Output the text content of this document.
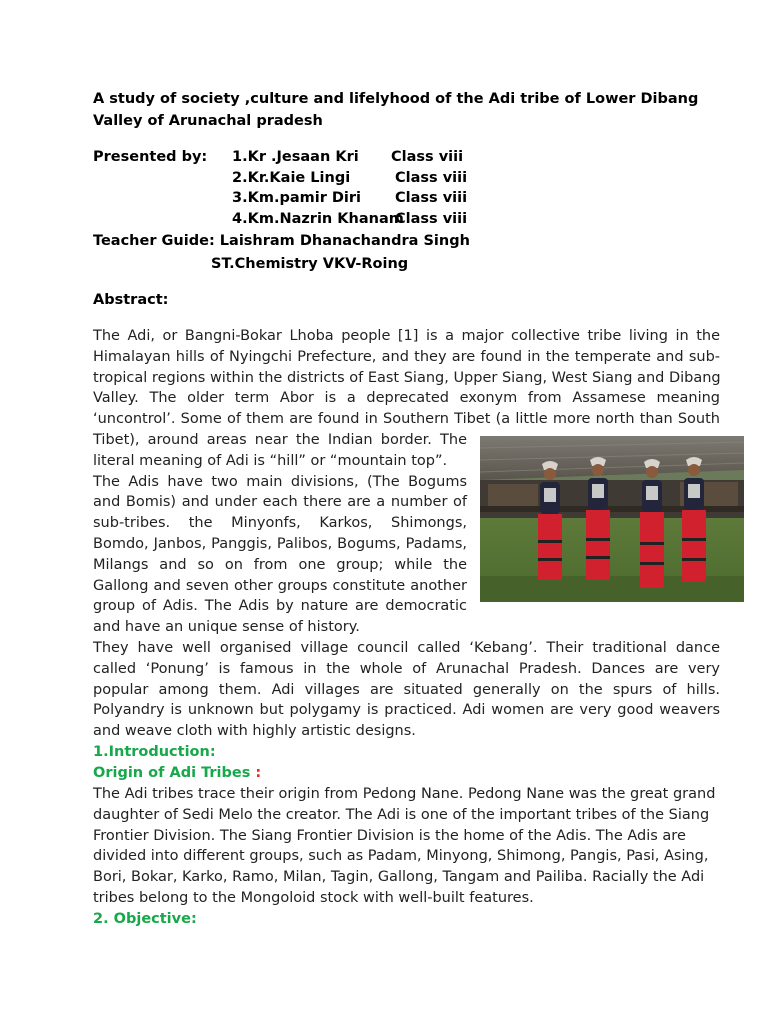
A study of society ,culture and lifelyhood of the Adi tribe of Lower Dibang Valley of Arunachal pradesh
Presented by: 1.Kr .Jesaan Kri
2.Kr.Kaie Lingi
3.Km.pamir Diri
4.Km.Nazrin Khanam
Class viii
Class viii
Class viii
Class viii
Teacher Guide: Laishram Dhanachandra Singh
ST.Chemistry VKV-Roing
Abstract:
The Adi, or Bangni-Bokar Lhoba people [1] is a major collective tribe living in the
Himalayan hills of Nyingchi Prefecture, and they are found in the temperate and sub-
tropical regions within the districts of East Siang, Upper Siang, West Siang and Dibang
Valley. The older term Abor is a deprecated exonym from Assamese meaning
‘uncontrol’. Some of them are found in Southern Tibet (a little more north than South
Tibet), around areas near the Indian border. The
literal meaning of Adi is “hill” or “mountain top”.
The Adis have two main divisions, (The Bogums
and Bomis) and under each there are a number of
sub-tribes. the Minyonfs, Karkos, Shimongs,
Bomdo, Janbos, Panggis, Palibos, Bogums, Padams,
Milangs and so on from one group; while the
Gallong and seven other groups constitute another
group of Adis. The Adis by nature are democratic
and have an unique sense of history.
They have well organised village council called ‘Kebang’. Their traditional dance
called ‘Ponung’ is famous in the whole of Arunachal Pradesh. Dances are very
popular among them. Adi villages are situated generally on the spurs of hills.
Polyandry is unknown but polygamy is practiced. Adi women are very good weavers
and weave cloth with highly artistic designs.
1.Introduction:
Origin of Adi Tribes :
The Adi tribes trace their origin from Pedong Nane. Pedong Nane was the great grand
daughter of Sedi Melo the creator. The Adi is one of the important tribes of the Siang
Frontier Division. The Siang Frontier Division is the home of the Adis. The Adis are
divided into different groups, such as Padam, Minyong, Shimong, Pangis, Pasi, Asing,
Bori, Bokar, Karko, Ramo, Milan, Tagin, Gallong, Tangam and Pailiba. Racially the Adi
tribes belong to the Mongoloid stock with well-built features.
2. Objective:
